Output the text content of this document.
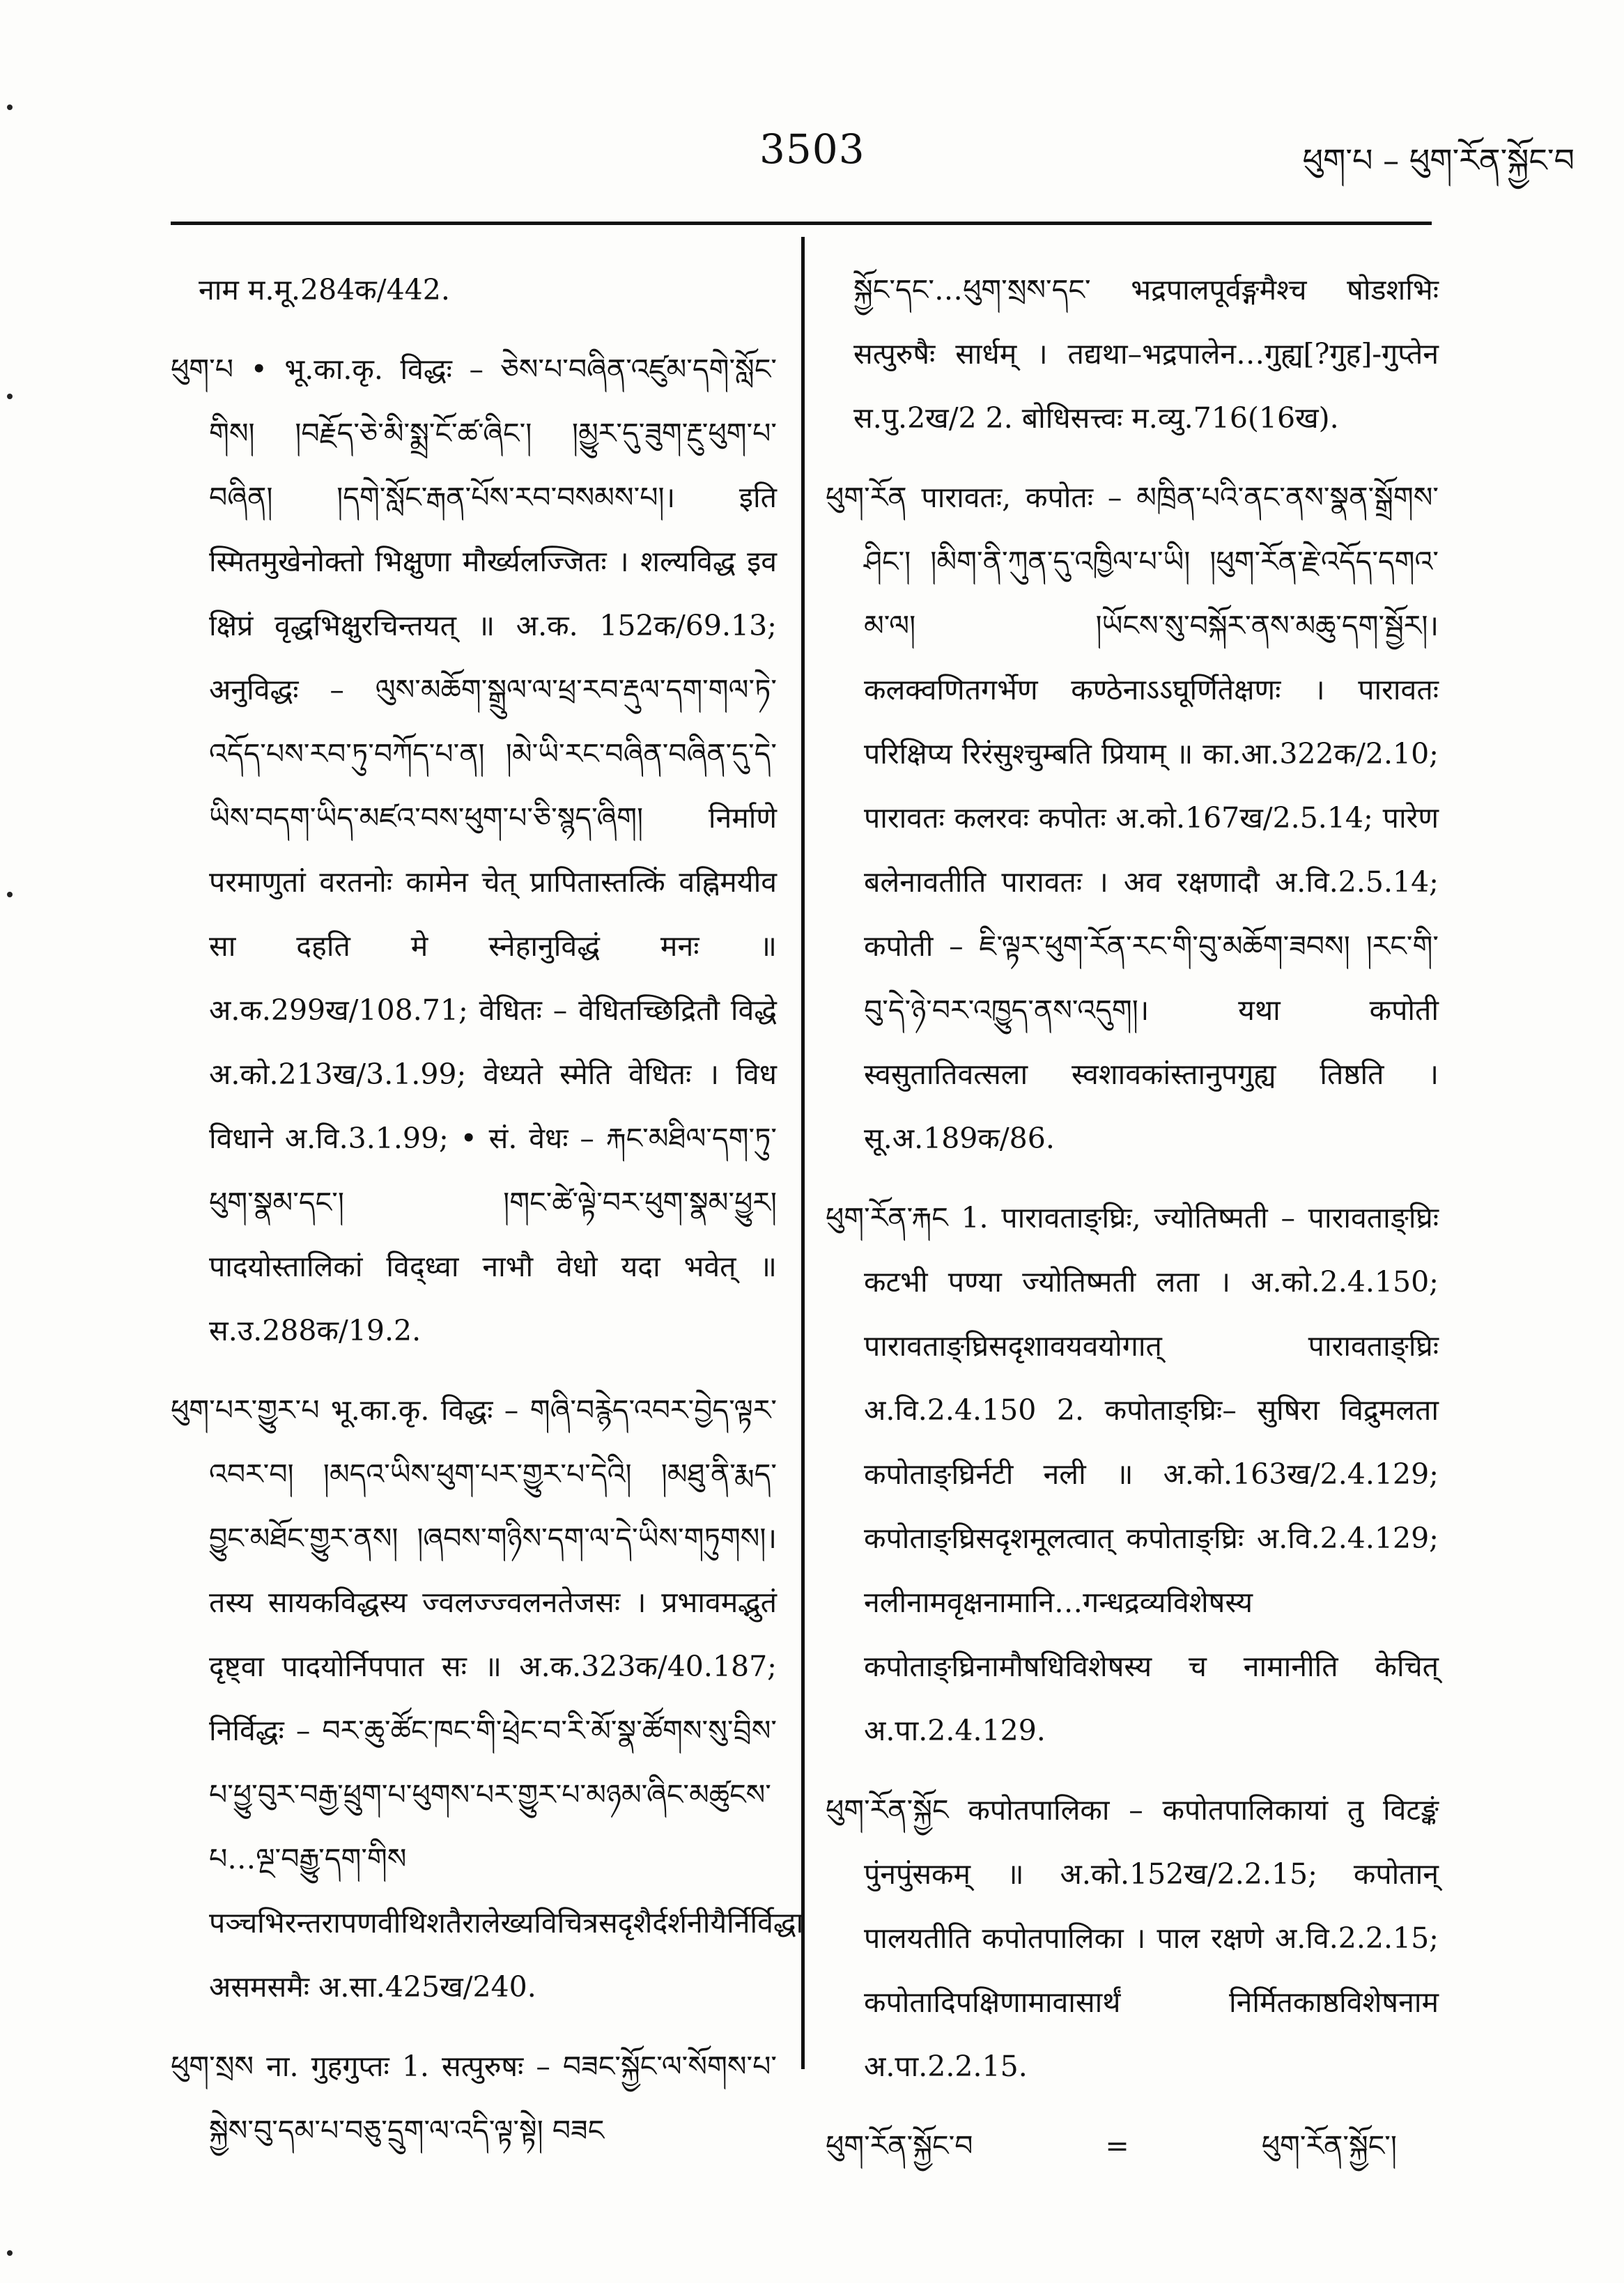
3503	ཕུག་པ – ཕུག་རོན་སྐྱོང་བ

नाम म.मू.284क/442.

ཕུག་པ • भू.का.कृ. विद्धः – ཅེས་པ་བཞིན་འཛུམ་དགེ་སློང་གིས། །བརྗོད་ཅེ་མི་སྨྲ་ངོ་ཚ་ཞིང་། །མྱུར་དུ་ཟུག་རྔུ་ཕུག་པ་བཞིན། །དགེ་སློང་རྒན་པོས་རབ་བསམས་པ།। इति स्मितमुखेनोक्तो भिक्षुणा मौर्ख्यलज्जितः । शल्यविद्ध इव क्षिप्रं वृद्धभिक्षुरचिन्तयत् ॥ अ.क. 152क/69.13; अनुविद्धः – ལུས་མཆོག་སྒྲུལ་ལ་ཕྲ་རབ་རྡུལ་དག་གལ་ཏེ་འདོད་པས་རབ་ཏུ་བཀོད་པ་ན། །མེ་ཡི་རང་བཞིན་བཞིན་དུ་དེ་ཡིས་བདག་ཡིད་མཛའ་བས་ཕུག་པ་ཅི་སྙད་ཞིག། निर्माणे परमाणुतां वरतनोः कामेन चेत् प्रापितास्तत्किं वह्निमयीव सा दहति मे स्नेहानुविद्धं मनः ॥ अ.क.299ख/108.71; वेधितः – वेधितच्छिद्रितौ विद्धे अ.को.213ख/3.1.99; वेध्यते स्मेति वेधितः । विध विधाने अ.वि.3.1.99; • सं. वेधः – རྐང་མཐིལ་དག་ཏུ་ཕུག་སྣམ་དང་། །གང་ཚེ་ལྟེ་བར་ཕུག་སྣམ་ཕྱུར། पादयोस्तालिकां विद्ध्वा नाभौ वेधो यदा भवेत् ॥ स.उ.288क/19.2.

ཕུག་པར་གྱུར་པ भू.का.कृ. विद्धः – གཞི་བརྙེད་འབར་བྱེད་ལྟར་འབར་བ། །མདའ་ཡིས་ཕུག་པར་གྱུར་པ་དེའི། །མཐུ་ནི་རྨད་བྱུང་མཐོང་གྱུར་ནས། །ཞབས་གཉིས་དག་ལ་དེ་ཡིས་གཏུགས།। तस्य सायकविद्धस्य ज्वलज्ज्वलनतेजसः । प्रभावमद्भुतं दृष्ट्वा पादयोर्निपपात सः ॥ अ.क.323क/40.187; निर्विद्धः – བར་ཆུ་ཚོང་ཁང་གི་ཕྲེང་བ་རི་མོ་སྣ་ཚོགས་སུ་བྲིས་པ་ཕྱུ་བུར་བརྒྱ་ཕྲུག་པ་ཕུགས་པར་གྱུར་པ་མཉམ་ཞིང་མཚུངས་པ…ལྔ་བརྒྱུ་དག་གིས पञ्चभिरन्तरापणवीथिशतैरालेख्यविचित्रसदृशैर्दर्शनीयैर्निर्विद्धा असमसमैः अ.सा.425ख/240.

ཕུག་སྲས ना. गुहगुप्तः 1. सत्पुरुषः – བཟང་སྐྱོང་ལ་སོགས་པ་སྐྱེས་བུ་དམ་པ་བཅུ་དྲུག་ལ་འདི་ལྟ་སྟེ། བཟང

སྐྱོང་དང་…ཕུག་སྲས་དང་ भद्रपालपूर्वङ्गमैश्च षोडशभिः सत्पुरुषैः सार्धम् । तद्यथा–भद्रपालेन…गुह्य[?गुह]-गुप्तेन स.पु.2ख/2 2. बोधिसत्त्वः म.व्यु.716(16ख).

ཕུག་རོན पारावतः, कपोतः – མཁྲིན་པའི་ནང་ནས་སྣན་སྒྲོགས་ཤིང་། །མིག་ནི་ཀུན་དུ་འཁྱིལ་པ་ཡི། །ཕུག་རོན་རྗེ་འདོད་དགའ་མ་ལ། །ཡོངས་སུ་བསྐོར་ནས་མཆུ་དག་སྦྱོར།। कलक्वणितगर्भेण कण्ठेनाऽऽघूर्णितेक्षणः । पारावतः परिक्षिप्य रिरंसुश्चुम्बति प्रियाम् ॥ का.आ.322क/2.10; पारावतः कलरवः कपोतः अ.को.167ख/2.5.14; पारेण बलेनावतीति पारावतः । अव रक्षणादौ अ.वि.2.5.14; कपोती – ཇི་ལྟར་ཕུག་རོན་རང་གི་བུ་མཆོག་ཟབས། །རང་གི་བུ་དེ་ཉེ་བར་འཁྱུད་ནས་འདུག།। यथा कपोती स्वसुतातिवत्सला स्वशावकांस्तानुपगुह्य तिष्ठति । सू.अ.189क/86.

ཕུག་རོན་རྐང 1. पारावताङ्घ्रिः, ज्योतिष्मती – पारावताङ्घ्रिः कटभी पण्या ज्योतिष्मती लता । अ.को.2.4.150; पारावताङ्घ्रिसदृशावयवयोगात् पारावताङ्घ्रिः अ.वि.2.4.150 2. कपोताङ्घ्रिः– सुषिरा विद्रुमलता कपोताङ्घ्रिर्नटी नली ॥ अ.को.163ख/2.4.129; कपोताङ्घ्रिसदृशमूलत्वात् कपोताङ्घ्रिः अ.वि.2.4.129; नलीनामवृक्षनामानि…गन्धद्रव्यविशेषस्य कपोताङ्घ्रिनामौषधिविशेषस्य च नामानीति केचित् अ.पा.2.4.129.

ཕུག་རོན་སྐྱོང कपोतपालिका – कपोतपालिकायां तु विटङ्कं पुंनपुंसकम् ॥ अ.को.152ख/2.2.15; कपोतान् पालयतीति कपोतपालिका । पाल रक्षणे अ.वि.2.2.15; कपोतादिपक्षिणामावासार्थं निर्मितकाष्ठविशेषनाम अ.पा.2.2.15.

ཕུག་རོན་སྐྱོང་བ	=	ཕུག་རོན་སྐྱོང་།
